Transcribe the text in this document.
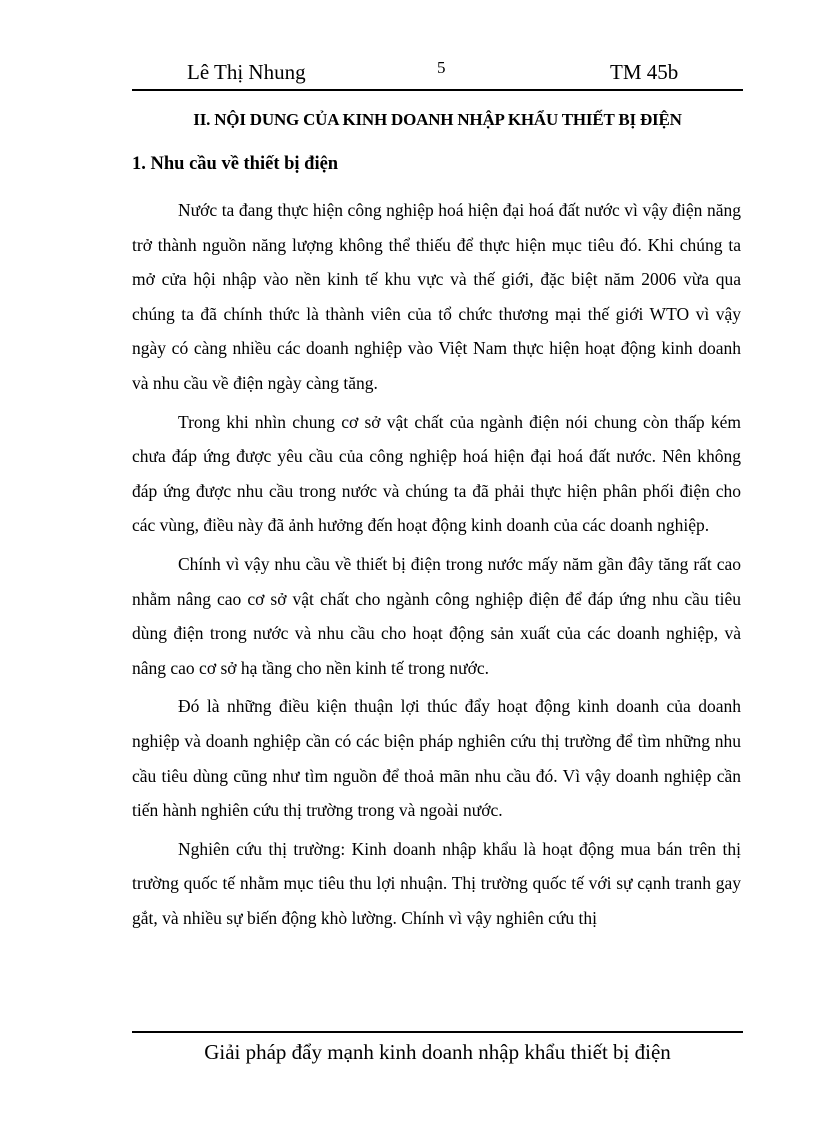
Lê Thị Nhung	5	TM 45b
II. NỘI DUNG CỦA KINH DOANH NHẬP KHẨU THIẾT BỊ ĐIỆN
1. Nhu cầu về thiết bị điện

Nước ta đang thực hiện công nghiệp hoá hiện đại hoá đất nước vì vậy điện năng trở thành nguồn năng lượng không thể thiếu để thực hiện mục tiêu đó. Khi chúng ta mở cửa hội nhập vào nền kinh tế khu vực và thế giới, đặc biệt năm 2006 vừa qua chúng ta đã chính thức là thành viên của tổ chức thương mại thế giới WTO vì vậy ngày có càng nhiều các doanh nghiệp vào Việt Nam thực hiện hoạt động kinh doanh và nhu cầu về điện ngày càng tăng.

Trong khi nhìn chung cơ sở vật chất của ngành điện nói chung còn thấp kém chưa đáp ứng được yêu cầu của công nghiệp hoá hiện đại hoá đất nước. Nên không đáp ứng được nhu cầu trong nước và chúng ta đã phải thực hiện phân phối điện cho các vùng, điều này đã ảnh hưởng đến hoạt động kinh doanh của các doanh nghiệp.

Chính vì vậy nhu cầu về thiết bị điện trong nước mấy năm gần đây tăng rất cao nhằm nâng cao cơ sở vật chất cho ngành công nghiệp điện để đáp ứng nhu cầu tiêu dùng điện trong nước và nhu cầu cho hoạt động sản xuất của các doanh nghiệp, và nâng cao cơ sở hạ tầng cho nền kinh tế trong nước.

Đó là những điều kiện thuận lợi thúc đẩy hoạt động kinh doanh của doanh nghiệp và doanh nghiệp cần có các biện pháp nghiên cứu thị trường để tìm những nhu cầu tiêu dùng cũng như tìm nguồn để thoả mãn nhu cầu đó. Vì vậy doanh nghiệp cần tiến hành nghiên cứu thị trường trong và ngoài nước.

Nghiên cứu thị trường: Kinh doanh nhập khẩu là hoạt động mua bán trên thị trường quốc tế nhằm mục tiêu thu lợi nhuận. Thị trường quốc tế với sự cạnh tranh gay gắt, và nhiều sự biến động khò lường. Chính vì vậy nghiên cứu thị

Giải pháp đẩy mạnh kinh doanh nhập khẩu thiết bị điện
